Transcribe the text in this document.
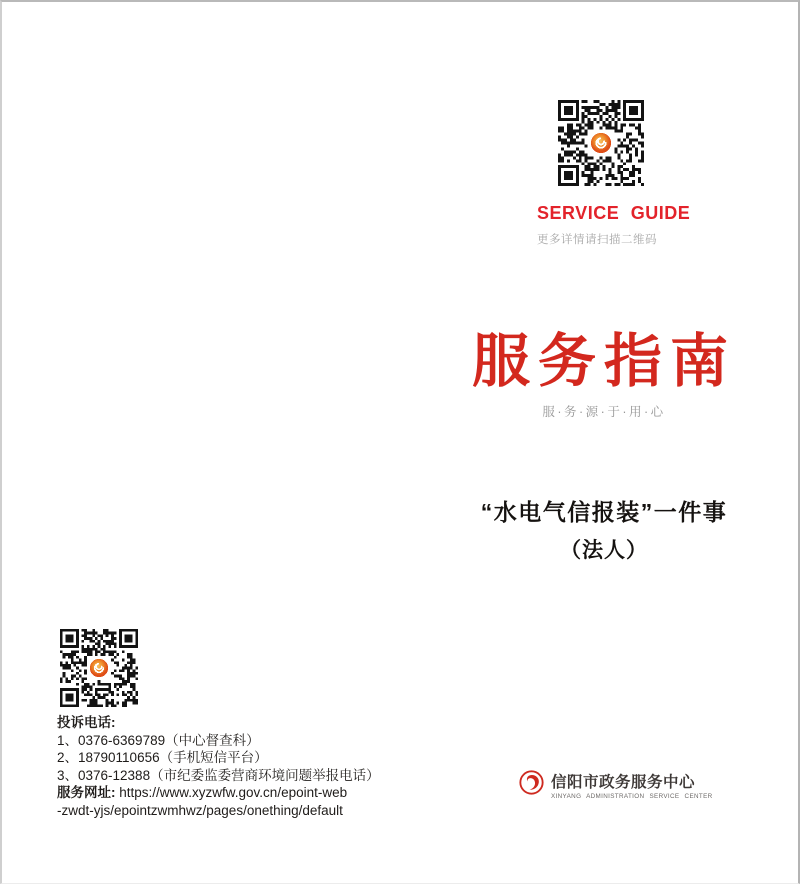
SERVICE GUIDE
更多详情请扫描二维码
服务指南
服·务·源·于·用·心
“水电气信报装”一件事
（法人）
投诉电话:
1、0376-6369789（中心督查科）
2、18790110656（手机短信平台）
3、0376-12388（市纪委监委营商环境问题举报电话）
服务网址: https://www.xyzwfw.gov.cn/epoint-web
-zwdt-yjs/epointzwmhwz/pages/onething/default
信阳市政务服务中心
XINYANG ADMINISTRATION SERVICE CENTER
